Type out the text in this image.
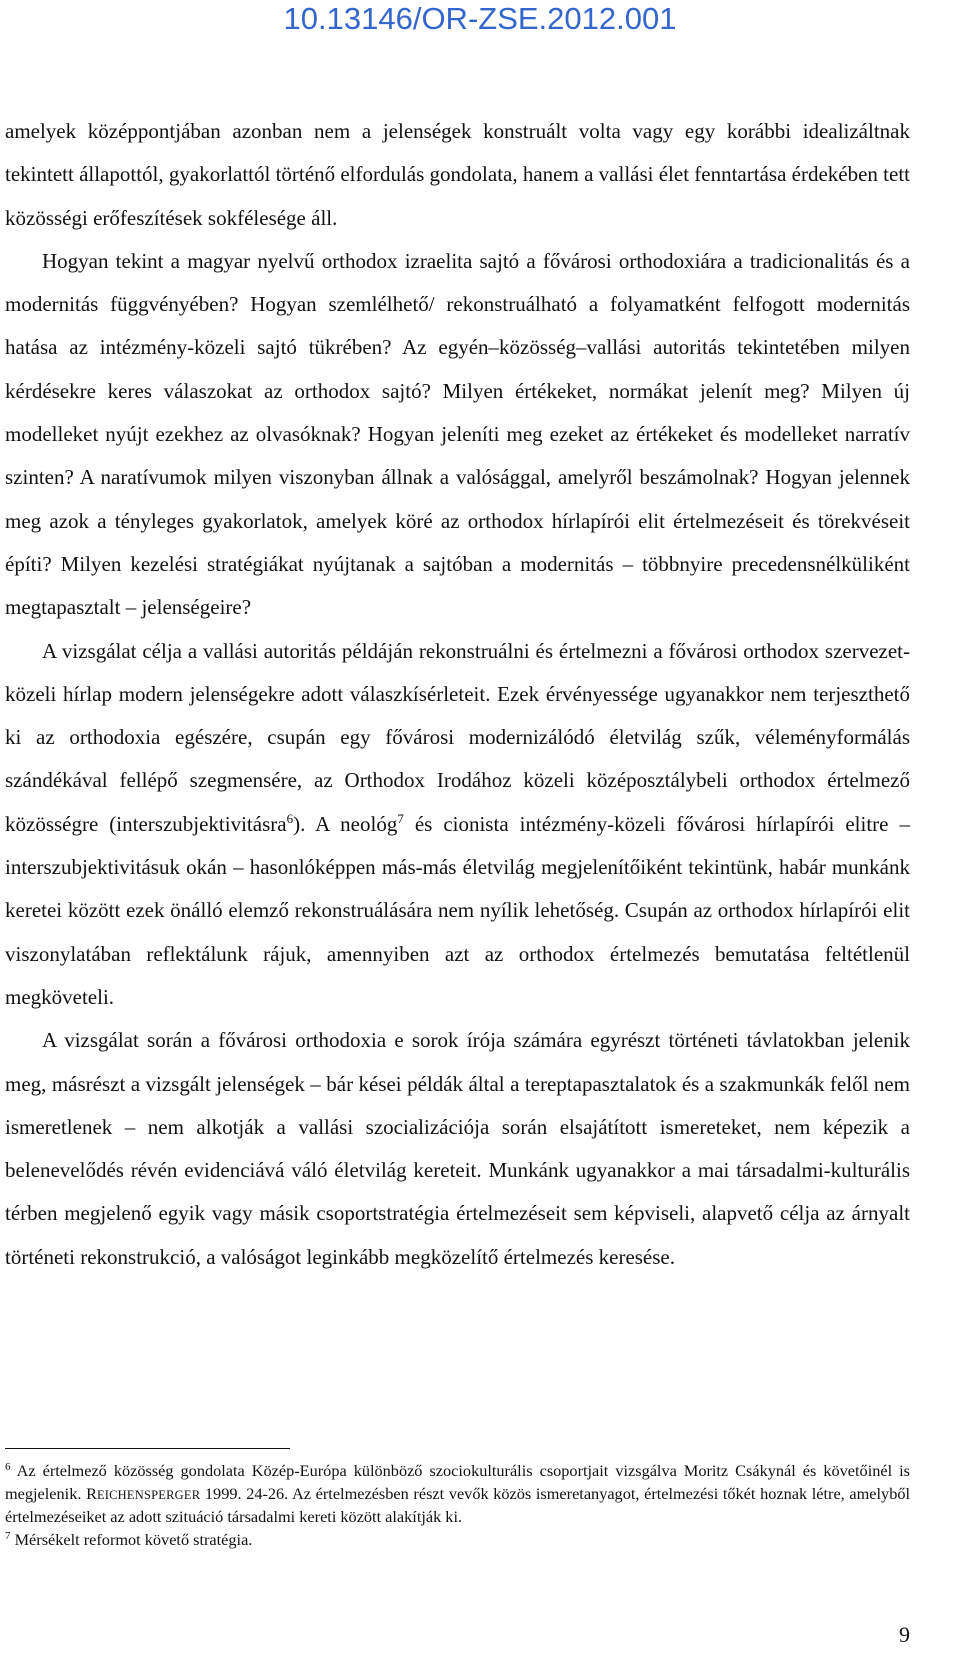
10.13146/OR-ZSE.2012.001

amelyek középpontjában azonban nem a jelenségek konstruált volta vagy egy korábbi idealizáltnak tekintett állapottól, gyakorlattól történő elfordulás gondolata, hanem a vallási élet fenntartása érdekében tett közösségi erőfeszítések sokfélesége áll.

Hogyan tekint a magyar nyelvű orthodox izraelita sajtó a fővárosi orthodoxiára a tradicionalitás és a modernitás függvényében? Hogyan szemlélhető/ rekonstruálható a folyamatként felfogott modernitás hatása az intézmény-közeli sajtó tükrében? Az egyén–közösség–vallási autoritás tekintetében milyen kérdésekre keres válaszokat az orthodox sajtó? Milyen értékeket, normákat jelenít meg? Milyen új modelleket nyújt ezekhez az olvasóknak? Hogyan jeleníti meg ezeket az értékeket és modelleket narratív szinten? A naratívumok milyen viszonyban állnak a valósággal, amelyről beszámolnak? Hogyan jelennek meg azok a tényleges gyakorlatok, amelyek köré az orthodox hírlapírói elit értelmezéseit és törekvéseit építi? Milyen kezelési stratégiákat nyújtanak a sajtóban a modernitás – többnyire precedensnélküliként megtapasztalt – jelenségeire?

A vizsgálat célja a vallási autoritás példáján rekonstruálni és értelmezni a fővárosi orthodox szervezet-közeli hírlap modern jelenségekre adott válaszkísérleteit. Ezek érvényessége ugyanakkor nem terjeszthető ki az orthodoxia egészére, csupán egy fővárosi modernizálódó életvilág szűk, véleményformálás szándékával fellépő szegmensére, az Orthodox Irodához közeli középosztálybeli orthodox értelmező közösségre (interszubjektivitásra$^6$). A neológ$^7$ és cionista intézmény-közeli fővárosi hírlapírói elitre – interszubjektivitásuk okán – hasonlóképpen más-más életvilág megjelenítőiként tekintünk, habár munkánk keretei között ezek önálló elemző rekonstruálására nem nyílik lehetőség. Csupán az orthodox hírlapírói elit viszonylatában reflektálunk rájuk, amennyiben azt az orthodox értelmezés bemutatása feltétlenül megköveteli.

A vizsgálat során a fővárosi orthodoxia e sorok írója számára egyrészt történeti távlatokban jelenik meg, másrészt a vizsgált jelenségek – bár kései példák által a tereptapasztalatok és a szakmunkák felől nem ismeretlenek – nem alkotják a vallási szocializációja során elsajátított ismereteket, nem képezik a belenevelődés révén evidenciává váló életvilág kereteit. Munkánk ugyanakkor a mai társadalmi-kulturális térben megjelenő egyik vagy másik csoportstratégia értelmezéseit sem képviseli, alapvető célja az árnyalt történeti rekonstrukció, a valóságot leginkább megközelítő értelmezés keresése.

$^6$ Az értelmező közösség gondolata Közép-Európa különböző szociokulturális csoportjait vizsgálva Moritz Csákynál és követőinél is megjelenik. REICHENSPERGER 1999. 24-26. Az értelmezésben részt vevők közös ismeretanyagot, értelmezési tőkét hoznak létre, amelyből értelmezéseiket az adott szituáció társadalmi kereti között alakítják ki.

$^7$ Mérsékelt reformot követő stratégia.

9
